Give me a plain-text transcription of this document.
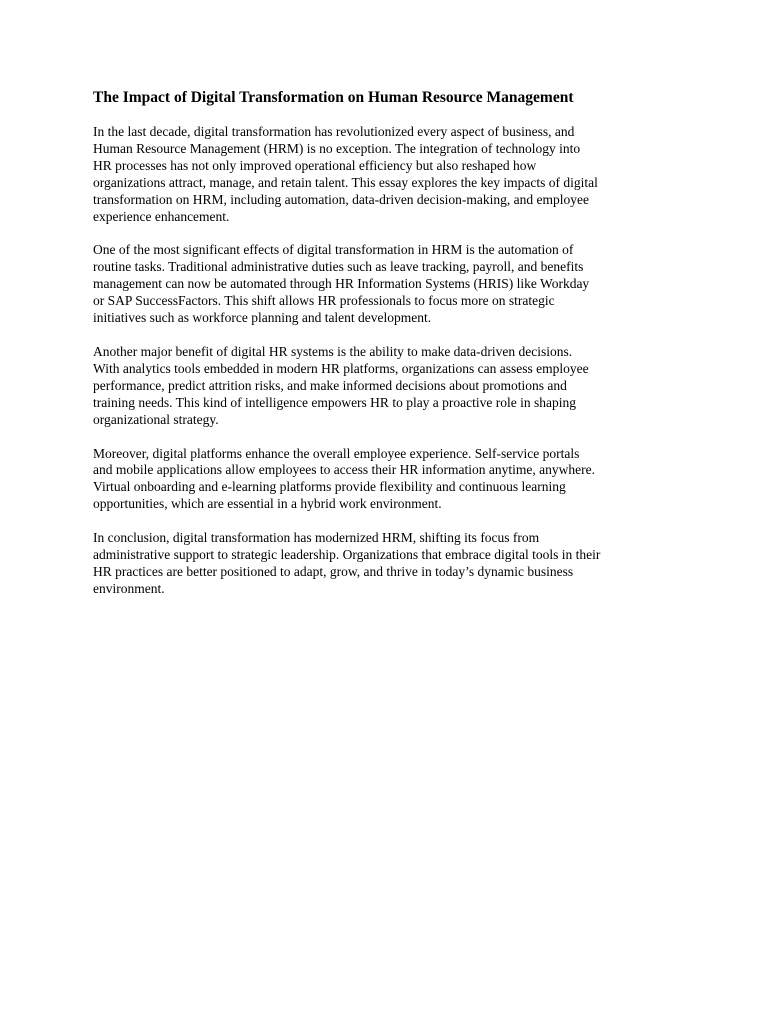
The Impact of Digital Transformation on Human Resource Management
In the last decade, digital transformation has revolutionized every aspect of business, and
Human Resource Management (HRM) is no exception. The integration of technology into
HR processes has not only improved operational efficiency but also reshaped how
organizations attract, manage, and retain talent. This essay explores the key impacts of digital
transformation on HRM, including automation, data-driven decision-making, and employee
experience enhancement.
One of the most significant effects of digital transformation in HRM is the automation of
routine tasks. Traditional administrative duties such as leave tracking, payroll, and benefits
management can now be automated through HR Information Systems (HRIS) like Workday
or SAP SuccessFactors. This shift allows HR professionals to focus more on strategic
initiatives such as workforce planning and talent development.
Another major benefit of digital HR systems is the ability to make data-driven decisions.
With analytics tools embedded in modern HR platforms, organizations can assess employee
performance, predict attrition risks, and make informed decisions about promotions and
training needs. This kind of intelligence empowers HR to play a proactive role in shaping
organizational strategy.
Moreover, digital platforms enhance the overall employee experience. Self-service portals
and mobile applications allow employees to access their HR information anytime, anywhere.
Virtual onboarding and e-learning platforms provide flexibility and continuous learning
opportunities, which are essential in a hybrid work environment.
In conclusion, digital transformation has modernized HRM, shifting its focus from
administrative support to strategic leadership. Organizations that embrace digital tools in their
HR practices are better positioned to adapt, grow, and thrive in today’s dynamic business
environment.
